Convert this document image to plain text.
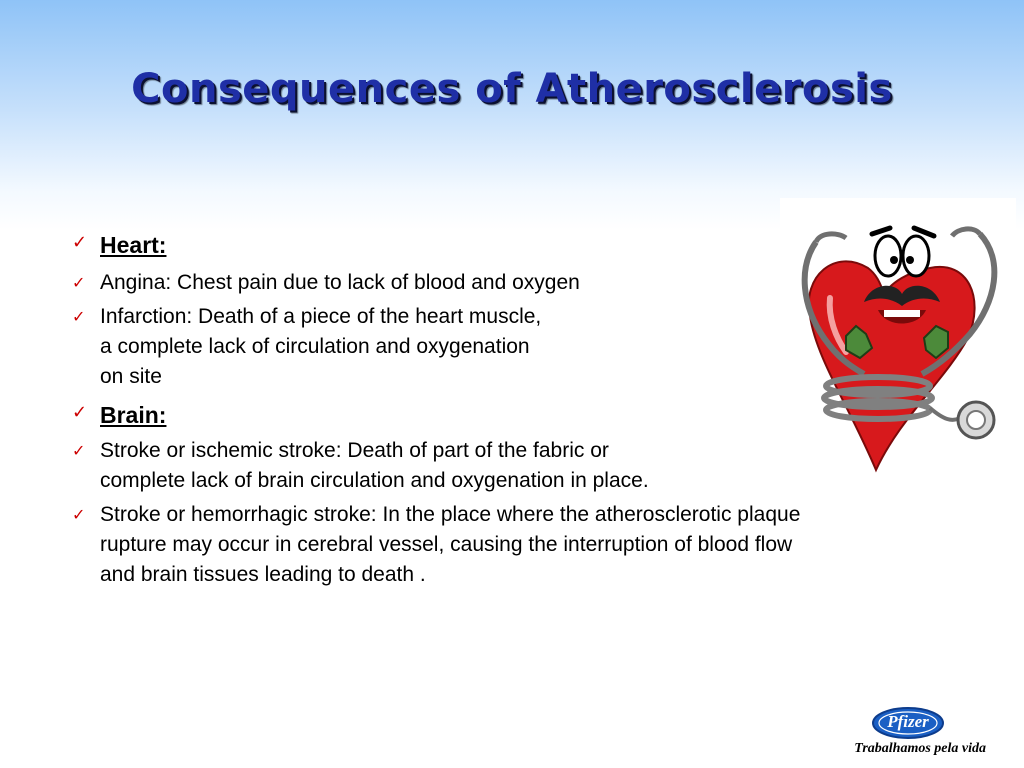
Consequences of Atherosclerosis
✓ Heart:
✓ Angina: Chest pain due to lack of blood and oxygen
✓ Infarction: Death of a piece of the heart muscle,
a complete lack of circulation and oxygenation
on site
✓ Brain:
✓ Stroke or ischemic stroke: Death of part of the fabric or
complete lack of brain circulation and oxygenation in place.
✓ Stroke or hemorrhagic stroke: In the place where the atherosclerotic plaque
rupture may occur in cerebral vessel, causing the interruption of blood flow
and brain tissues leading to death .
Pfizer
Trabalhamos pela vida
